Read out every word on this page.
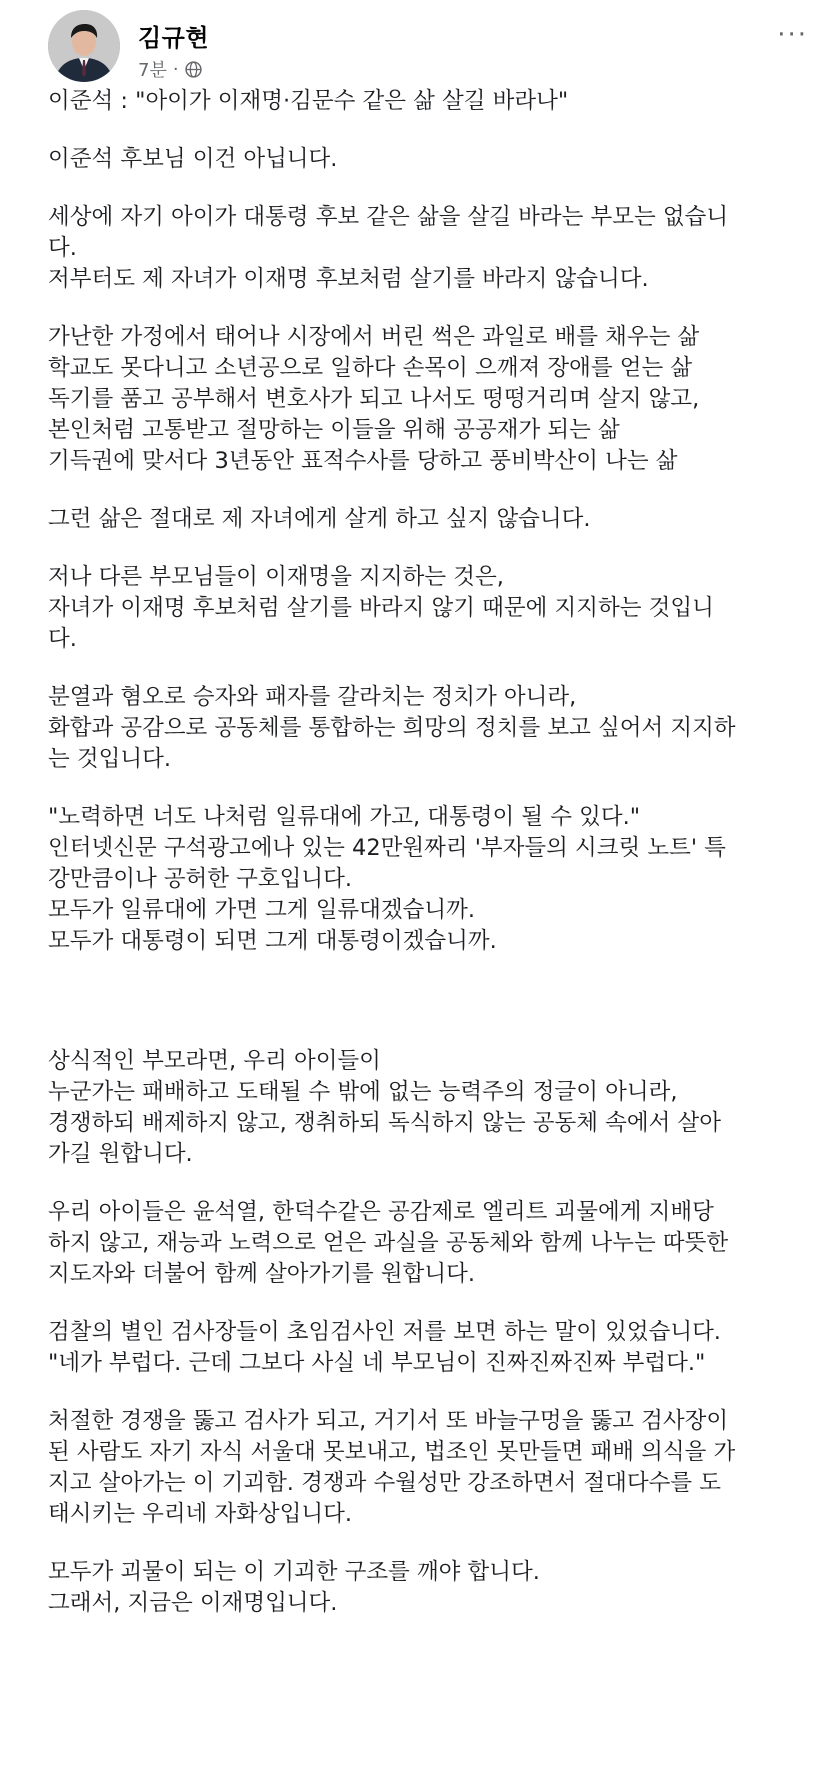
김규현
7분 ·
···
이준석 : "아이가 이재명·김문수 같은 삶 살길 바라나"
이준석 후보님 이건 아닙니다.
세상에 자기 아이가 대통령 후보 같은 삶을 살길 바라는 부모는 없습니
다.
저부터도 제 자녀가 이재명 후보처럼 살기를 바라지 않습니다.
가난한 가정에서 태어나 시장에서 버린 썩은 과일로 배를 채우는 삶
학교도 못다니고 소년공으로 일하다 손목이 으깨져 장애를 얻는 삶
독기를 품고 공부해서 변호사가 되고 나서도 떵떵거리며 살지 않고,
본인처럼 고통받고 절망하는 이들을 위해 공공재가 되는 삶
기득권에 맞서다 3년동안 표적수사를 당하고 풍비박산이 나는 삶
그런 삶은 절대로 제 자녀에게 살게 하고 싶지 않습니다.
저나 다른 부모님들이 이재명을 지지하는 것은,
자녀가 이재명 후보처럼 살기를 바라지 않기 때문에 지지하는 것입니
다.
분열과 혐오로 승자와 패자를 갈라치는 정치가 아니라,
화합과 공감으로 공동체를 통합하는 희망의 정치를 보고 싶어서 지지하
는 것입니다.
"노력하면 너도 나처럼 일류대에 가고, 대통령이 될 수 있다."
인터넷신문 구석광고에나 있는 42만원짜리 '부자들의 시크릿 노트' 특
강만큼이나 공허한 구호입니다.
모두가 일류대에 가면 그게 일류대겠습니까.
모두가 대통령이 되면 그게 대통령이겠습니까.
상식적인 부모라면, 우리 아이들이
누군가는 패배하고 도태될 수 밖에 없는 능력주의 정글이 아니라,
경쟁하되 배제하지 않고, 쟁취하되 독식하지 않는 공동체 속에서 살아
가길 원합니다.
우리 아이들은 윤석열, 한덕수같은 공감제로 엘리트 괴물에게 지배당
하지 않고, 재능과 노력으로 얻은 과실을 공동체와 함께 나누는 따뜻한
지도자와 더불어 함께 살아가기를 원합니다.
검찰의 별인 검사장들이 초임검사인 저를 보면 하는 말이 있었습니다.
"네가 부럽다. 근데 그보다 사실 네 부모님이 진짜진짜진짜 부럽다."
처절한 경쟁을 뚫고 검사가 되고, 거기서 또 바늘구멍을 뚫고 검사장이
된 사람도 자기 자식 서울대 못보내고, 법조인 못만들면 패배 의식을 가
지고 살아가는 이 기괴함. 경쟁과 수월성만 강조하면서 절대다수를 도
태시키는 우리네 자화상입니다.
모두가 괴물이 되는 이 기괴한 구조를 깨야 합니다.
그래서, 지금은 이재명입니다.
